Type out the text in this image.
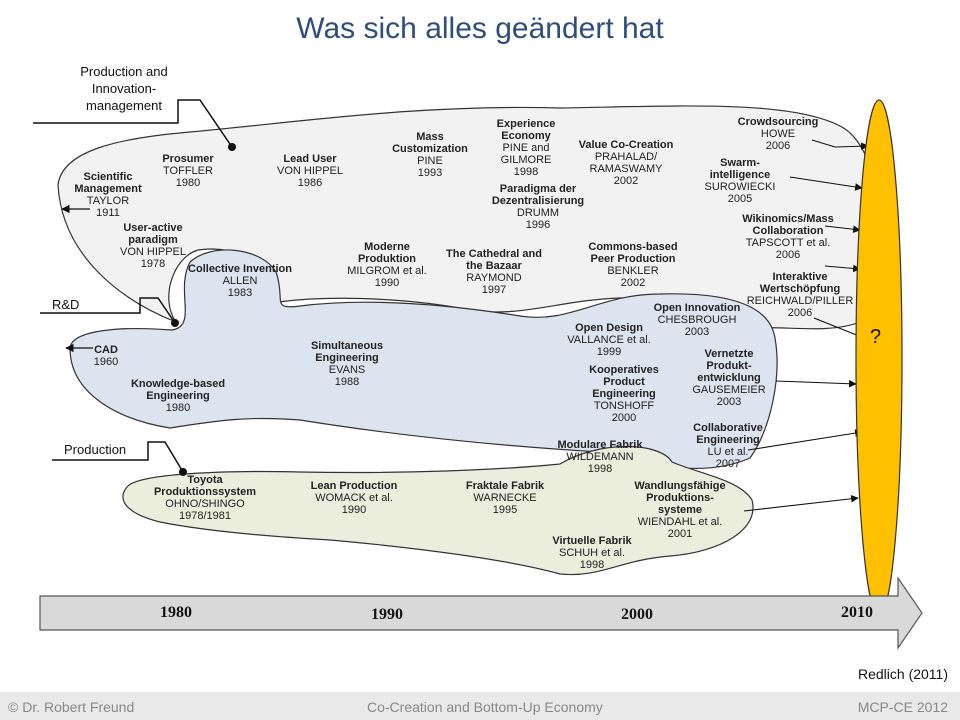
Was sich alles geändert hat
Production and
Innovation-
management
R&D
Production
Scientific
Management
TAYLOR
1911
Prosumer
TOFFLER
1980
Lead User
VON HIPPEL
1986
Mass
Customization
PINE
1993
Experience
Economy
PINE and
GILMORE
1998
Paradigma der
Dezentralisierung
DRUMM
1996
Value Co-Creation
PRAHALAD/
RAMASWAMY
2002
Crowdsourcing
HOWE
2006
Swarm-
intelligence
SUROWIECKI
2005
Wikinomics/Mass
Collaboration
TAPSCOTT et al.
2006
Interaktive
Wertschöpfung
REICHWALD/PILLER
2006
User-active
paradigm
VON HIPPEL
1978	Collective Invention
ALLEN
1983
Moderne
Produktion
MILGROM et al.
1990
The Cathedral and
the Bazaar
RAYMOND
1997
Commons-based
Peer Production
BENKLER
2002
Open Innovation
CHESBROUGH
2003
Open Design
VALLANCE et al.
1999
CAD
1960
Simultaneous
Engineering
EVANS
1988
Knowledge-based
Engineering
1980
Kooperatives
Product
Engineering
TONSHOFF
2000
Vernetzte
Produkt-
entwicklung
GAUSEMEIER
2003
Collaborative
Engineering
LU et al.
2007
Modulare Fabrik
WILDEMANN
1998
Toyota
Produktionssystem
OHNO/SHINGO
1978/1981
Lean Production
WOMACK et al.
1990
Fraktale Fabrik
WARNECKE
1995
Wandlungsfähige
Produktions-
systeme
WIENDAHL et al.
2001
Virtuelle Fabrik
SCHUH et al.
1998
?
1980	1990	2000	2010
Redlich (2011)
© Dr. Robert Freund	Co-Creation and Bottom-Up Economy	MCP-CE 2012
